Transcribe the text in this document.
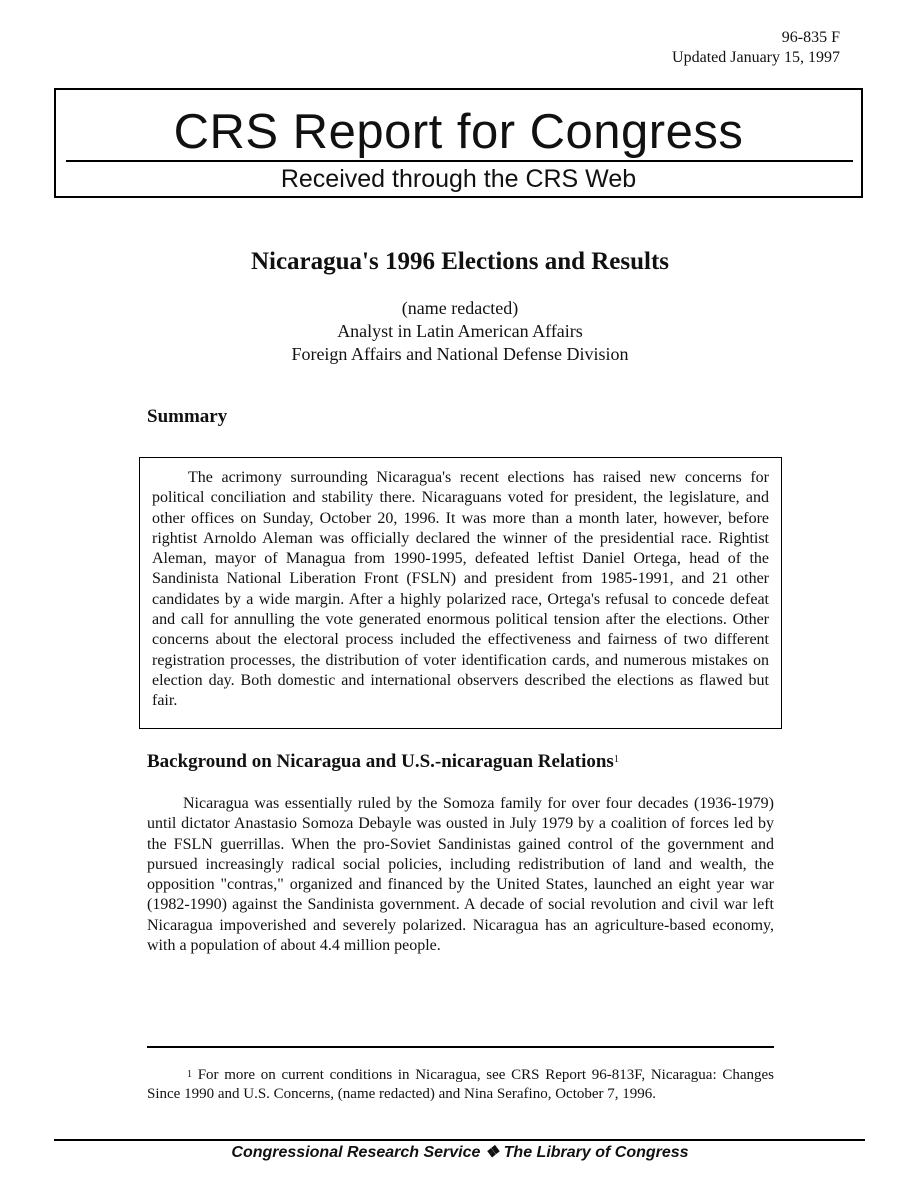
96-835 F
Updated January 15, 1997
CRS Report for Congress
Received through the CRS Web
Nicaragua's 1996 Elections and Results
(name redacted)
Analyst in Latin American Affairs
Foreign Affairs and National Defense Division
Summary

The acrimony surrounding Nicaragua's recent elections has raised new concerns for political conciliation and stability there. Nicaraguans voted for president, the legislature, and other offices on Sunday, October 20, 1996. It was more than a month later, however, before rightist Arnoldo Aleman was officially declared the winner of the presidential race. Rightist Aleman, mayor of Managua from 1990-1995, defeated leftist Daniel Ortega, head of the Sandinista National Liberation Front (FSLN) and president from 1985-1991, and 21 other candidates by a wide margin. After a highly polarized race, Ortega's refusal to concede defeat and call for annulling the vote generated enormous political tension after the elections. Other concerns about the electoral process included the effectiveness and fairness of two different registration processes, the distribution of voter identification cards, and numerous mistakes on election day. Both domestic and international observers described the elections as flawed but fair.

Background on Nicaragua and U.S.-nicaraguan Relations$^1$

Nicaragua was essentially ruled by the Somoza family for over four decades (1936-1979) until dictator Anastasio Somoza Debayle was ousted in July 1979 by a coalition of forces led by the FSLN guerrillas. When the pro-Soviet Sandinistas gained control of the government and pursued increasingly radical social policies, including redistribution of land and wealth, the opposition "contras," organized and financed by the United States, launched an eight year war (1982-1990) against the Sandinista government. A decade of social revolution and civil war left Nicaragua impoverished and severely polarized. Nicaragua has an agriculture-based economy, with a population of about 4.4 million people.

$^1$ For more on current conditions in Nicaragua, see CRS Report 96-813F, Nicaragua: Changes Since 1990 and U.S. Concerns, (name redacted) and Nina Serafino, October 7, 1996.

Congressional Research Service ❖ The Library of Congress
